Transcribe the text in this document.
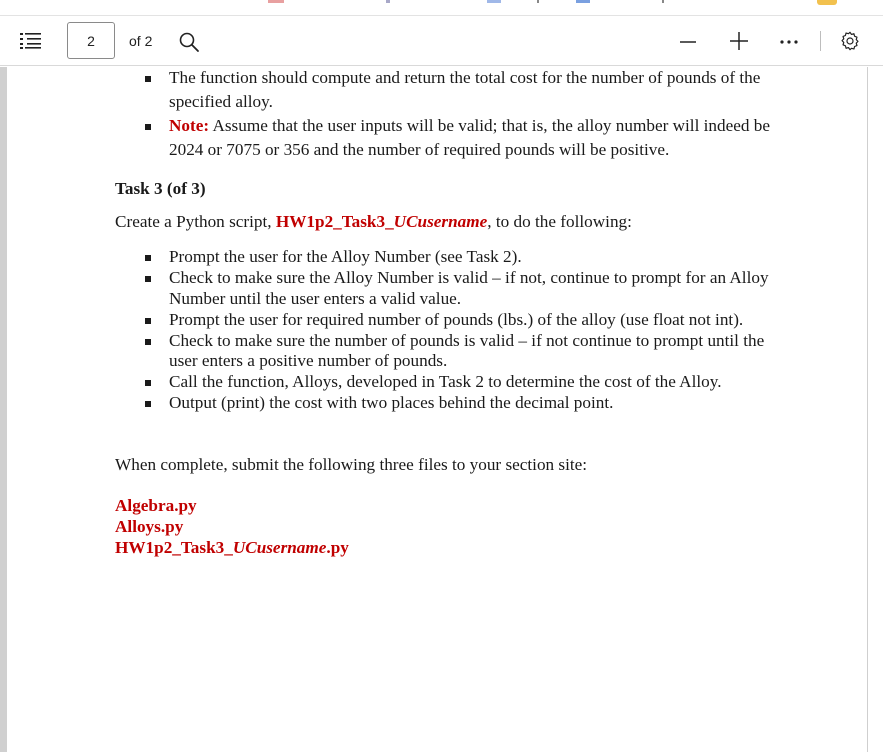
2
of 2
The function should compute and return the total cost for the number of pounds of the
specified alloy.
Note: Assume that the user inputs will be valid; that is, the alloy number will indeed be
2024 or 7075 or 356 and the number of required pounds will be positive.
Task 3 (of 3)
Create a Python script, HW1p2_Task3_UCusername, to do the following:
Prompt the user for the Alloy Number (see Task 2).
Check to make sure the Alloy Number is valid – if not, continue to prompt for an Alloy
Number until the user enters a valid value.
Prompt the user for required number of pounds (lbs.) of the alloy (use float not int).
Check to make sure the number of pounds is valid – if not continue to prompt until the
user enters a positive number of pounds.
Call the function, Alloys, developed in Task 2 to determine the cost of the Alloy.
Output (print) the cost with two places behind the decimal point.
When complete, submit the following three files to your section site:
Algebra.py
Alloys.py
HW1p2_Task3_UCusername.py
